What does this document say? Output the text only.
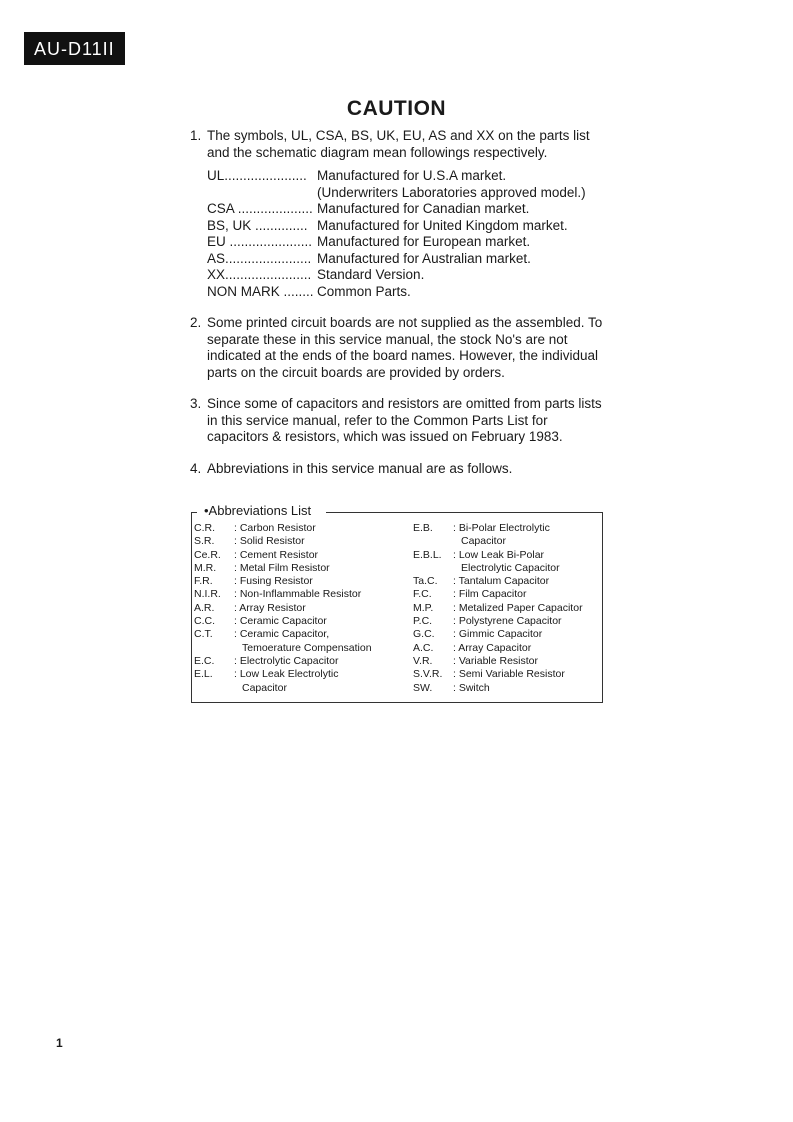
AU-D11II
CAUTION
1. The symbols, UL, CSA, BS, UK, EU, AS and XX on the parts list and the schematic diagram mean followings respectively.
UL...................... Manufactured for U.S.A market.
(Underwriters Laboratories approved model.)
CSA .................... Manufactured for Canadian market.
BS, UK .............. Manufactured for United Kingdom market.
EU ...................... Manufactured for European market.
AS....................... Manufactured for Australian market.
XX....................... Standard Version.
NON MARK ........ Common Parts.
2. Some printed circuit boards are not supplied as the assembled. To separate these in this service manual, the stock No's are not indicated at the ends of the board names. However, the individual parts on the circuit boards are provided by orders.
3. Since some of capacitors and resistors are omitted from parts lists in this service manual, refer to the Common Parts List for capacitors & resistors, which was issued on February 1983.
4. Abbreviations in this service manual are as follows.
•Abbreviations List
C.R.	: Carbon Resistor
S.R.	: Solid Resistor
Ce.R.	: Cement Resistor
M.R.	: Metal Film Resistor
F.R.	: Fusing Resistor
N.I.R.	: Non-Inflammable Resistor
A.R.	: Array Resistor
C.C.	: Ceramic Capacitor
C.T.	: Ceramic Capacitor,
Temoerature Compensation
E.C.	: Electrolytic Capacitor
E.L.	: Low Leak Electrolytic
Capacitor
E.B.	: Bi-Polar Electrolytic
Capacitor
E.B.L.	: Low Leak Bi-Polar
Electrolytic Capacitor
Ta.C.	: Tantalum Capacitor
F.C.	: Film Capacitor
M.P.	: Metalized Paper Capacitor
P.C.	: Polystyrene Capacitor
G.C.	: Gimmic Capacitor
A.C.	: Array Capacitor
V.R.	: Variable Resistor
S.V.R.	: Semi Variable Resistor
SW.	: Switch
1
